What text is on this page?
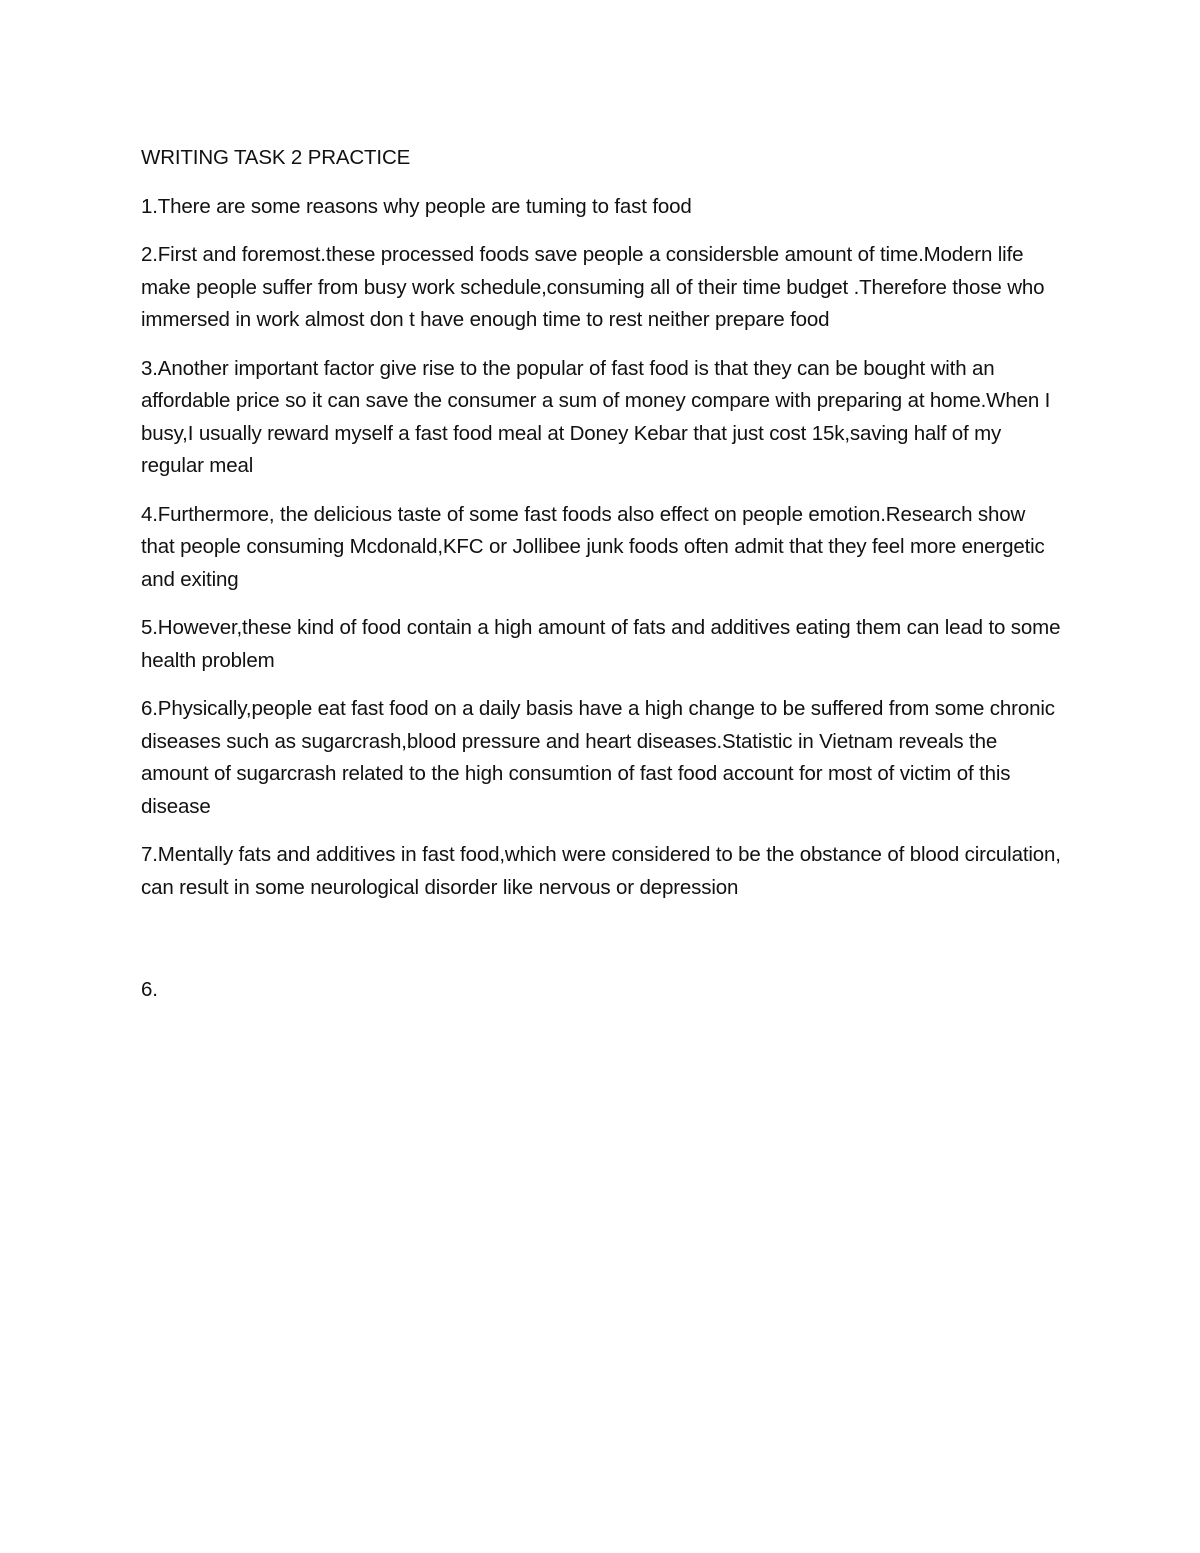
WRITING TASK 2 PRACTICE

1.There are some reasons why people are tuming to fast food

2.First and foremost.these processed foods save people a considersble amount of time.Modern life make people suffer from busy work schedule,consuming all of their time budget .Therefore those who immersed in work almost don t have enough time to rest neither prepare food

3.Another important factor give rise to the popular of fast food is that they can be bought with an affordable price so it can save the consumer a sum of money compare with preparing at home.When I busy,I usually reward myself a fast food meal at Doney Kebar that just cost 15k,saving half of my regular meal

4.Furthermore, the delicious taste of some fast foods also effect on people emotion.Research show that people consuming Mcdonald,KFC or Jollibee junk foods often admit that they feel more energetic and exiting

5.However,these kind of food contain a high amount of fats and additives eating them can lead to some health problem

6.Physically,people eat fast food on a daily basis have a high change to be suffered from some chronic diseases such as sugarcrash,blood pressure and heart diseases.Statistic in Vietnam reveals the amount of sugarcrash related to the high consumtion of fast food account for most of victim of this disease

7.Mentally fats and additives in fast food,which were considered to be the obstance of blood circulation, can result in some neurological disorder like nervous or depression

6.
